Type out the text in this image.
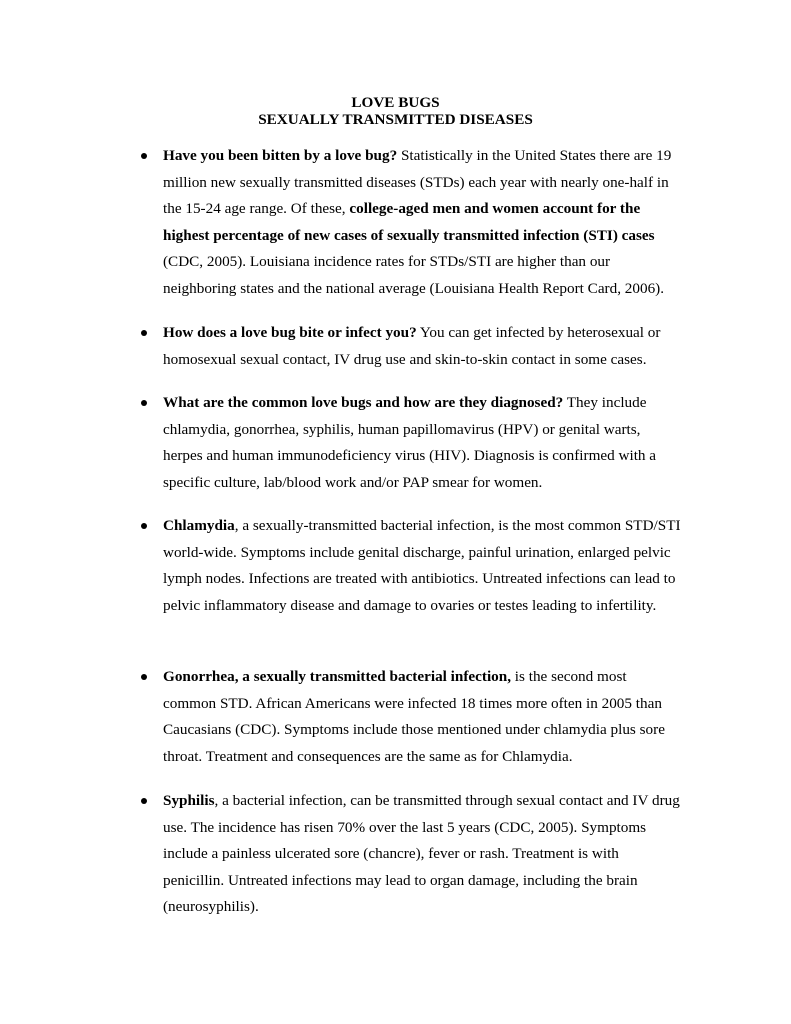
LOVE BUGS
SEXUALLY TRANSMITTED DISEASES
Have you been bitten by a love bug? Statistically in the United States there are 19 million new sexually transmitted diseases (STDs) each year with nearly one-half in the 15-24 age range. Of these, college-aged men and women account for the highest percentage of new cases of sexually transmitted infection (STI) cases (CDC, 2005). Louisiana incidence rates for STDs/STI are higher than our neighboring states and the national average (Louisiana Health Report Card, 2006).
How does a love bug bite or infect you? You can get infected by heterosexual or homosexual sexual contact, IV drug use and skin-to-skin contact in some cases.
What are the common love bugs and how are they diagnosed? They include chlamydia, gonorrhea, syphilis, human papillomavirus (HPV) or genital warts, herpes and human immunodeficiency virus (HIV). Diagnosis is confirmed with a specific culture, lab/blood work and/or PAP smear for women.
Chlamydia, a sexually-transmitted bacterial infection, is the most common STD/STI world-wide. Symptoms include genital discharge, painful urination, enlarged pelvic lymph nodes. Infections are treated with antibiotics. Untreated infections can lead to pelvic inflammatory disease and damage to ovaries or testes leading to infertility.
Gonorrhea, a sexually transmitted bacterial infection, is the second most common STD. African Americans were infected 18 times more often in 2005 than Caucasians (CDC). Symptoms include those mentioned under chlamydia plus sore throat. Treatment and consequences are the same as for Chlamydia.
Syphilis, a bacterial infection, can be transmitted through sexual contact and IV drug use. The incidence has risen 70% over the last 5 years (CDC, 2005). Symptoms include a painless ulcerated sore (chancre), fever or rash. Treatment is with penicillin. Untreated infections may lead to organ damage, including the brain (neurosyphilis).
